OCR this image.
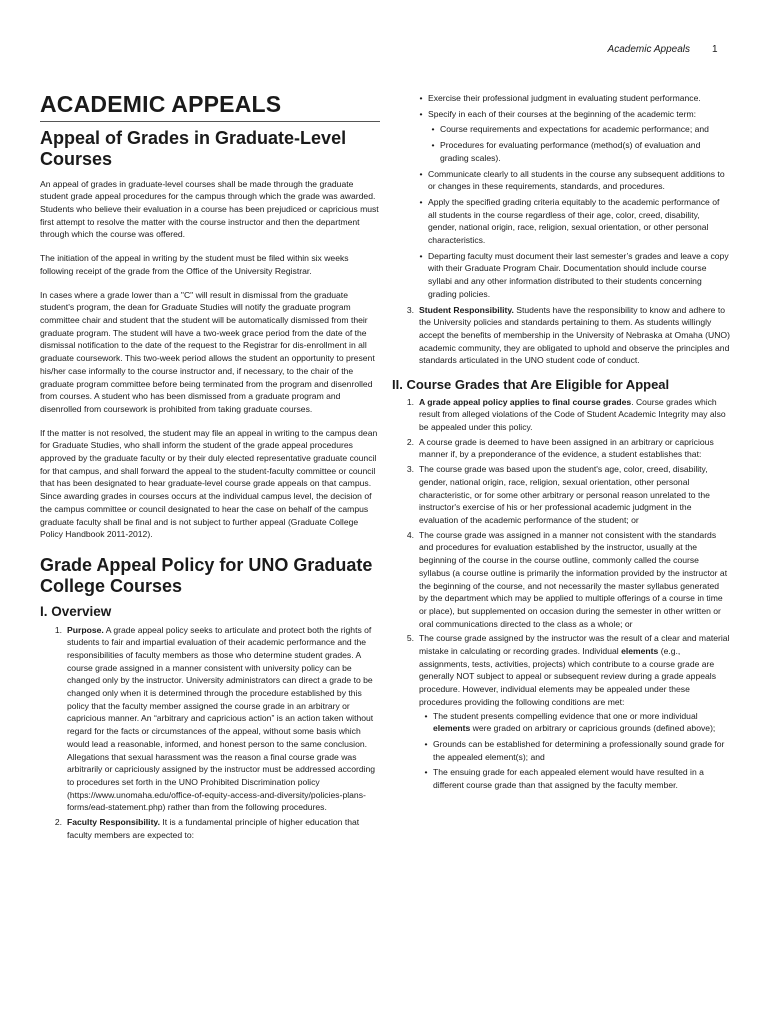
Academic Appeals 1
ACADEMIC APPEALS
Appeal of Grades in Graduate-Level Courses

An appeal of grades in graduate-level courses shall be made through the graduate student grade appeal procedures for the campus through which the grade was awarded. Students who believe their evaluation in a course has been prejudiced or capricious must first attempt to resolve the matter with the course instructor and then the department through which the course was offered.

The initiation of the appeal in writing by the student must be filed within six weeks following receipt of the grade from the Office of the University Registrar.

In cases where a grade lower than a "C" will result in dismissal from the graduate student's program, the dean for Graduate Studies will notify the graduate program committee chair and student that the student will be automatically dismissed from their graduate program. The student will have a two-week grace period from the date of the dismissal notification to the date of the request to the Registrar for dis-enrollment in all graduate coursework. This two-week period allows the student an opportunity to present his/her case informally to the course instructor and, if necessary, to the chair of the graduate program committee before being terminated from the program and disenrolled from courses. A student who has been dismissed from a graduate program and disenrolled from coursework is prohibited from taking graduate courses.

If the matter is not resolved, the student may file an appeal in writing to the campus dean for Graduate Studies, who shall inform the student of the grade appeal procedures approved by the graduate faculty or by their duly elected representative graduate council for that campus, and shall forward the appeal to the student-faculty committee or council that has been designated to hear graduate-level course grade appeals on that campus. Since awarding grades in courses occurs at the individual campus level, the decision of the campus committee or council designated to hear the case on behalf of the campus graduate faculty shall be final and is not subject to further appeal (Graduate College Policy Handbook 2011-2012).

Grade Appeal Policy for UNO Graduate College Courses
I. Overview
1. Purpose. A grade appeal policy seeks to articulate and protect both the rights of students to fair and impartial evaluation of their academic performance and the responsibilities of faculty members as those who determine student grades. A course grade assigned in a manner consistent with university policy can be changed only by the instructor. University administrators can direct a grade to be changed only when it is determined through the procedure established by this policy that the faculty member assigned the course grade in an arbitrary or capricious manner. An “arbitrary and capricious action” is an action taken without regard for the facts or circumstances of the appeal, without some basis which would lead a reasonable, informed, and honest person to the same conclusion.
Allegations that sexual harassment was the reason a final course grade was arbitrarily or capriciously assigned by the instructor must be addressed according to procedures set forth in the UNO Prohibited Discrimination policy (https://www.unomaha.edu/office-of-equity-access-and-diversity/policies-plans-forms/ead-statement.php) rather than from the following procedures.
2. Faculty Responsibility. It is a fundamental principle of higher education that faculty members are expected to:
• Exercise their professional judgment in evaluating student performance.
• Specify in each of their courses at the beginning of the academic term:
• Course requirements and expectations for academic performance; and
• Procedures for evaluating performance (method(s) of evaluation and grading scales).
• Communicate clearly to all students in the course any subsequent additions to or changes in these requirements, standards, and procedures.
• Apply the specified grading criteria equitably to the academic performance of all students in the course regardless of their age, color, creed, disability, gender, national origin, race, religion, sexual orientation, or other personal characteristics.
• Departing faculty must document their last semester’s grades and leave a copy with their Graduate Program Chair. Documentation should include course syllabi and any other information distributed to their students concerning grading policies.
3. Student Responsibility. Students have the responsibility to know and adhere to the University policies and standards pertaining to them. As students willingly accept the benefits of membership in the University of Nebraska at Omaha (UNO) academic community, they are obligated to uphold and observe the principles and standards articulated in the UNO student code of conduct.
II. Course Grades that Are Eligible for Appeal
1. A grade appeal policy applies to final course grades. Course grades which result from alleged violations of the Code of Student Academic Integrity may also be appealed under this policy.
2. A course grade is deemed to have been assigned in an arbitrary or capricious manner if, by a preponderance of the evidence, a student establishes that:
3. The course grade was based upon the student's age, color, creed, disability, gender, national origin, race, religion, sexual orientation, other personal characteristic, or for some other arbitrary or personal reason unrelated to the instructor's exercise of his or her professional academic judgment in the evaluation of the academic performance of the student; or
4. The course grade was assigned in a manner not consistent with the standards and procedures for evaluation established by the instructor, usually at the beginning of the course in the course outline, commonly called the course syllabus (a course outline is primarily the information provided by the instructor at the beginning of the course, and not necessarily the master syllabus generated by the department which may be applied to multiple offerings of a course in time or place), but supplemented on occasion during the semester in other written or oral communications directed to the class as a whole; or
5. The course grade assigned by the instructor was the result of a clear and material mistake in calculating or recording grades. Individual elements (e.g., assignments, tests, activities, projects) which contribute to a course grade are generally NOT subject to appeal or subsequent review during a grade appeals procedure. However, individual elements may be appealed under these procedures providing the following conditions are met:
• The student presents compelling evidence that one or more individual elements were graded on arbitrary or capricious grounds (defined above);
• Grounds can be established for determining a professionally sound grade for the appealed element(s); and
• The ensuing grade for each appealed element would have resulted in a different course grade than that assigned by the faculty member.
